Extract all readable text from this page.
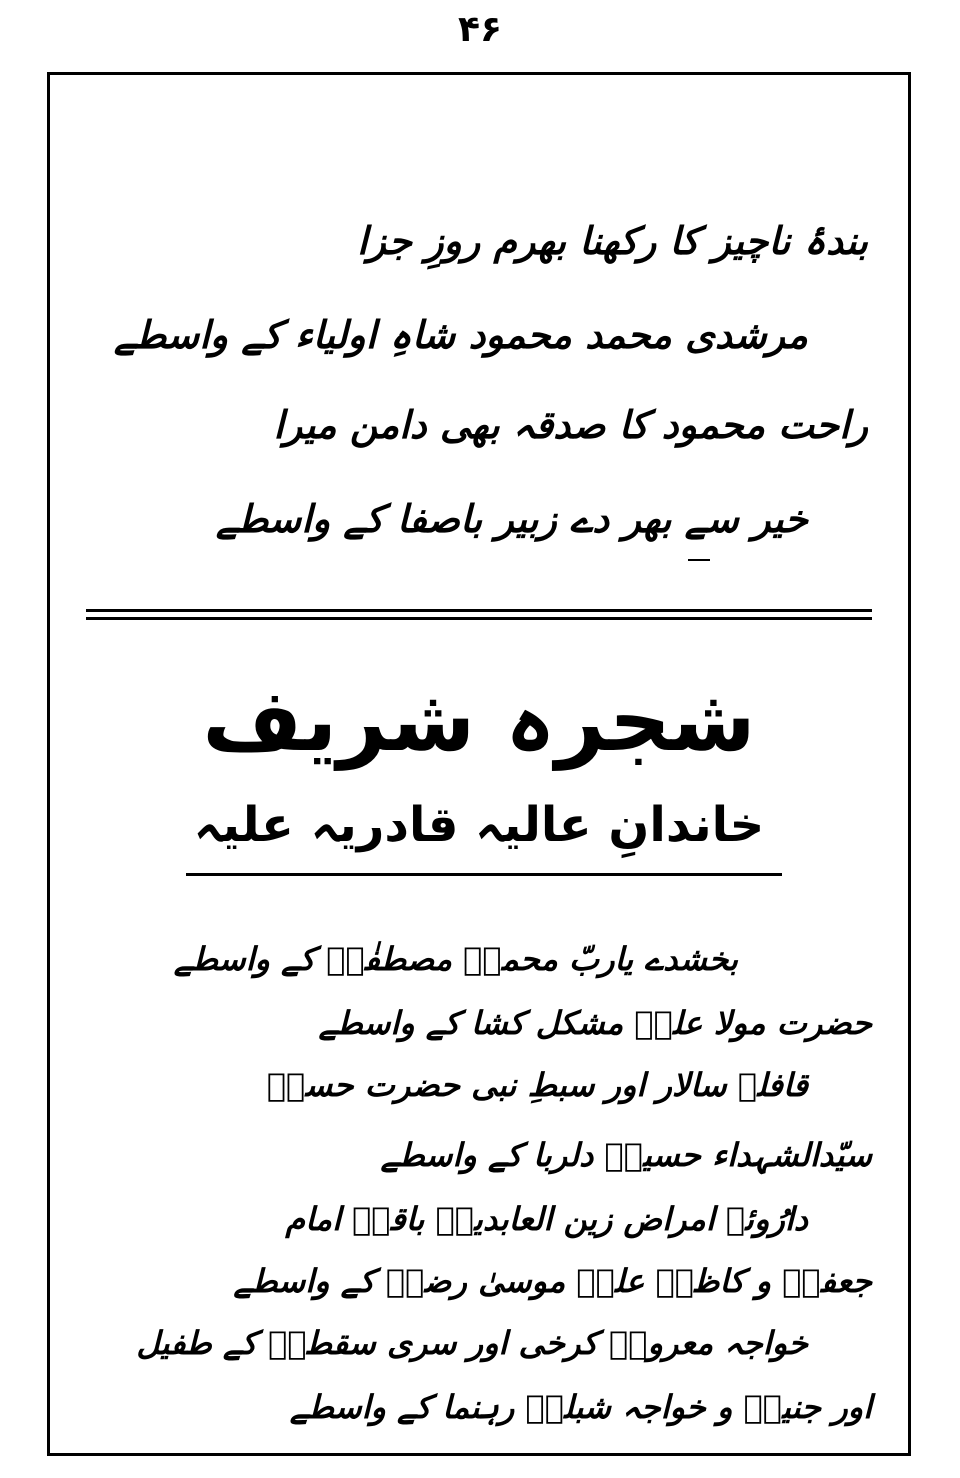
۴۶
بندۂ ناچیز کا رکھنا بھرم روزِ جزا
مرشدی محمد محمود شاہِ اولیاء کے واسطے
راحت محمود کا صدقہ بھی دامن میرا
خیر سے بھر دے زبیر باصفا کے واسطے
شجرہ شریف
خاندانِ عالیہ قادریہ علیہ
بخشدے یاربّ محمدؐ مصطفٰےؐ کے واسطے
حضرت مولا علیؓ مشکل کشا کے واسطے
قافلہ سالار اور سبطِ نبی حضرت حسنؓ
سیّدالشہداء حسینؓ دلربا کے واسطے
دارُوئے امراض زین العابدینؒ باقرؒ امام
جعفرؒ و کاظمؒ علیؒ موسیٰ رضاؒ کے واسطے
خواجہ معروفؒ کرخی اور سری سقطیؒ کے طفیل
اور جنیدؒ و خواجہ شبلیؒ رہنما کے واسطے
